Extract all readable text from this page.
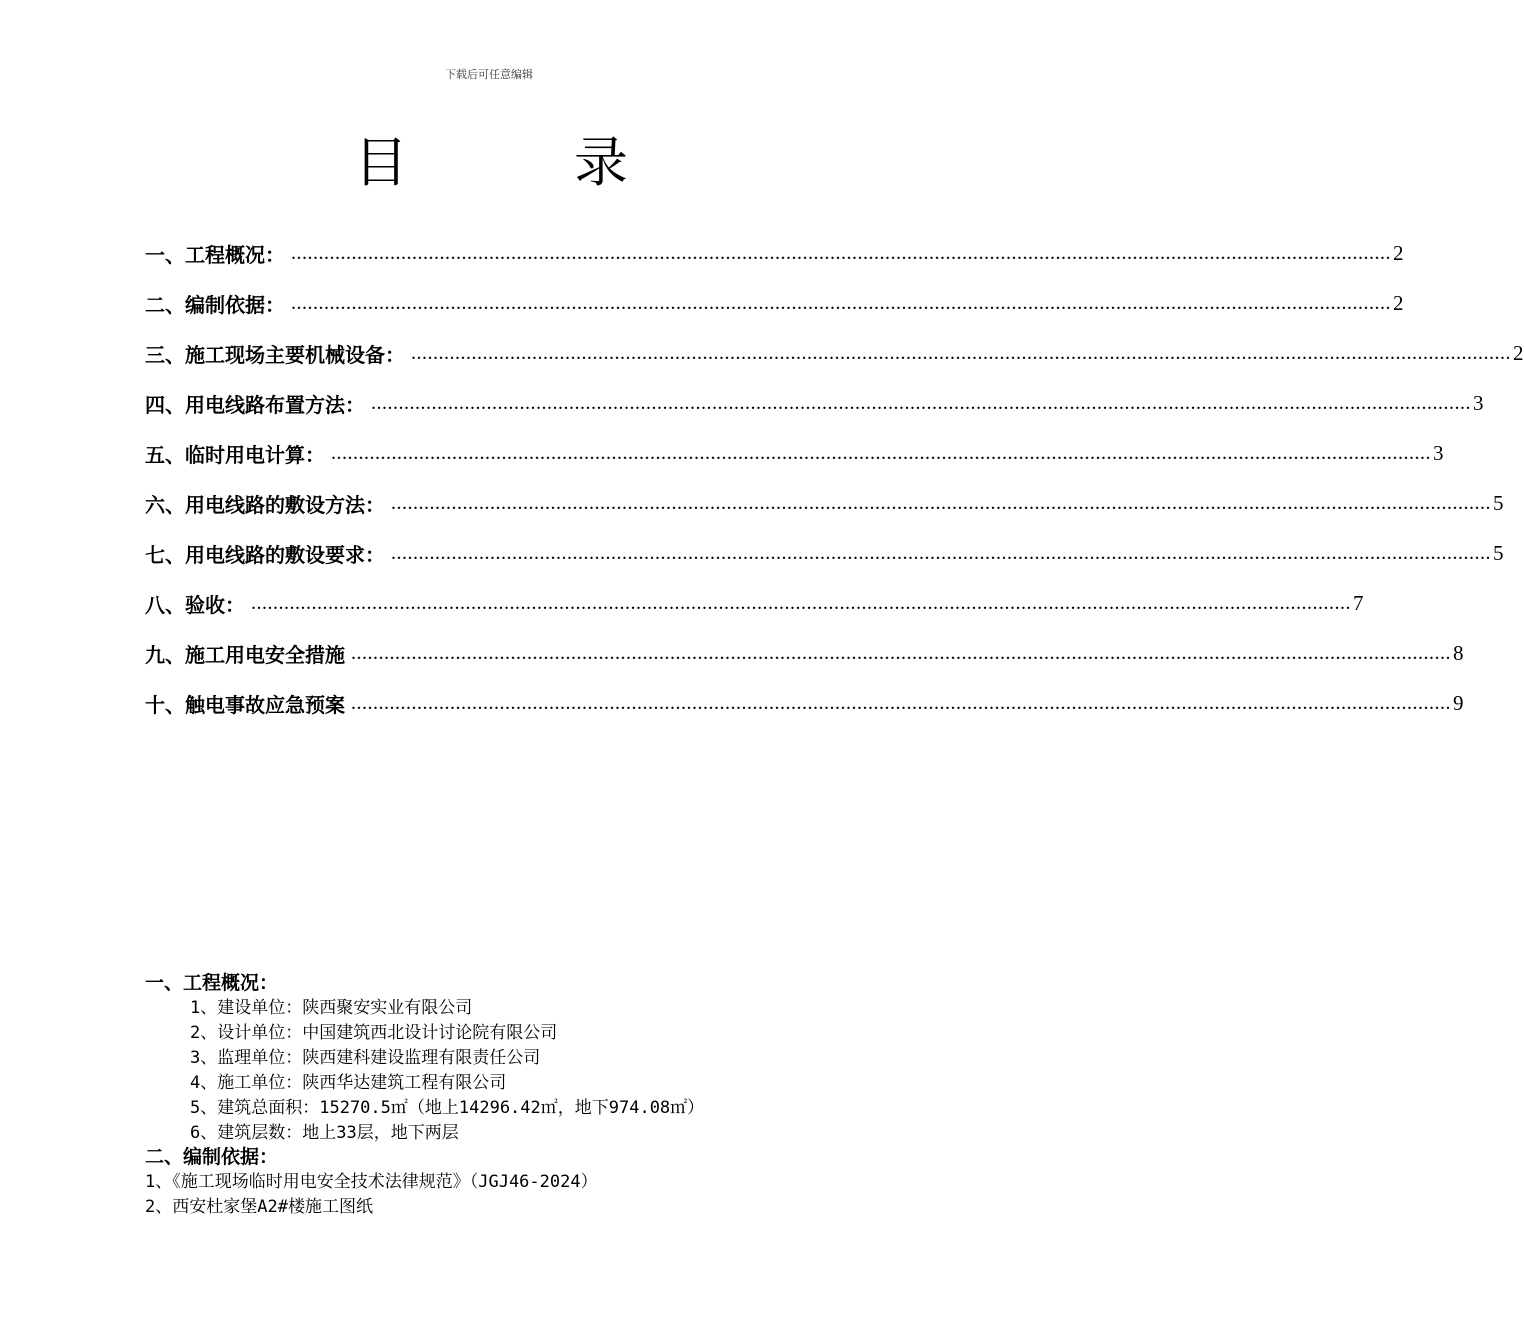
下载后可任意编辑
目	录
一、工程概况： ........................................................................................................................................................................................................ 2
二、编制依据： ........................................................................................................................................................................................................ 2
三、施工现场主要机械设备： ........................................................................................................................................................................................................ 2
四、用电线路布置方法： ........................................................................................................................................................................................................ 3
五、临时用电计算： ........................................................................................................................................................................................................ 3
六、用电线路的敷设方法： ........................................................................................................................................................................................................ 5
七、用电线路的敷设要求： ........................................................................................................................................................................................................ 5
八、验收： ........................................................................................................................................................................................................ 7
九、施工用电安全措施 ........................................................................................................................................................................................................ 8
十、触电事故应急预案 ........................................................................................................................................................................................................ 9
一、工程概况：
1、建设单位：陕西聚安实业有限公司
2、设计单位：中国建筑西北设计讨论院有限公司
3、监理单位：陕西建科建设监理有限责任公司
4、施工单位：陕西华达建筑工程有限公司
5、建筑总面积：15270.5㎡（地上14296.42㎡，地下974.08㎡）
6、建筑层数：地上33层，地下两层
二、编制依据：
1、《施工现场临时用电安全技术法律规范》（JGJ46-2024）
2、西安杜家堡A2#楼施工图纸
